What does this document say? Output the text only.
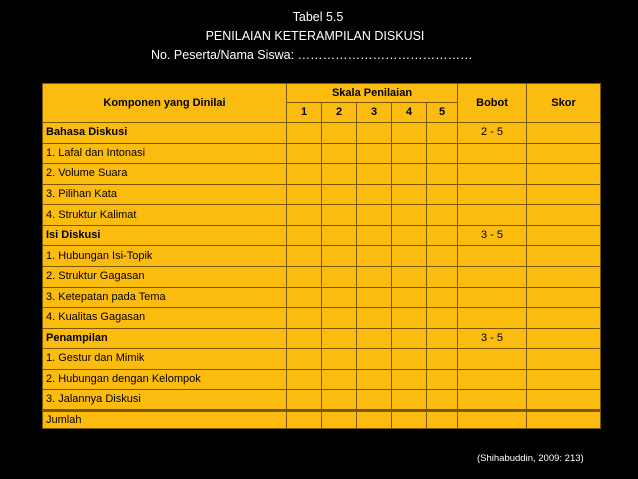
Tabel 5.5
PENILAIAN KETERAMPILAN DISKUSI
No. Peserta/Nama Siswa: ……………………………………
Komponen yang Dinilai	Skala Penilaian					Bobot	Skor
	1	2	3	4	5		
Bahasa Diskusi						2 - 5	
1. Lafal dan Intonasi							
2. Volume Suara							
3. Pilihan Kata							
4. Struktur Kalimat							
Isi Diskusi						3 - 5	
1. Hubungan Isi-Topik							
2. Struktur Gagasan							
3. Ketepatan pada Tema							
4. Kualitas Gagasan							
Penampilan						3 - 5	
1. Gestur dan Mimik							
2. Hubungan dengan Kelompok							
3. Jalannya Diskusi							
Jumlah							
(Shihabuddin, 2009: 213)
